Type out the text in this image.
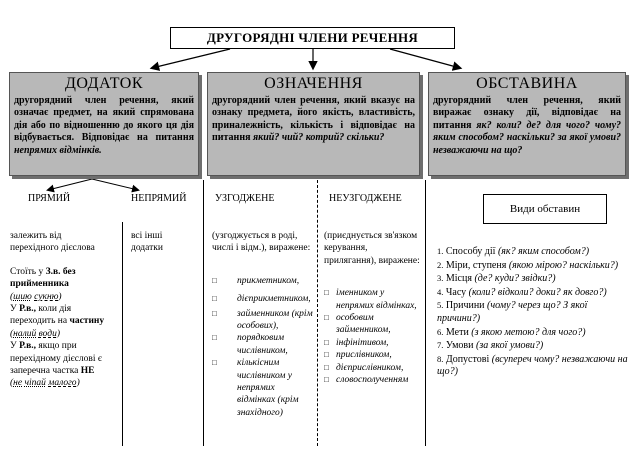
ДРУГОРЯДНІ ЧЛЕНИ РЕЧЕННЯ
ДОДАТОК
другорядний член речення, який означає предмет, на який спрямована дія або по відношенню до якого ця дія відбувається. Відповідає на питання непрямих відмінків.
ОЗНАЧЕННЯ
другорядний член речення, який вказує на ознаку предмета, його якість, властивість, приналежність, кількість і відповідає на питання який? чий? котрий? скільки?
ОБСТАВИНА
другорядний член речення, який виражає ознаку дії, відповідає на питання як? коли? де? для чого? чому? яким способом? наскільки? за якої умови? незважаючи на що?
ПРЯМИЙ	НЕПРЯМИЙ
залежить від
перехідного дієслова
Стоїть у З.в. без
прийменника
(шию сукню)
У Р.в., коли дія
переходить на частину
(налий води)
У Р.в., якщо при
перехідному дієслові є
заперечна частка НЕ
(не чіпай малого)
всі інші
додатки
УЗГОДЖЕНЕ	НЕУЗГОДЖЕНЕ
(узгоджується в роді, числі і відм.), виражене:
□ прикметником,
□ дієприкметником,
□ займенником (крім особових),
□ порядковим числівником,
□ кількісним числівником у непрямих відмінках (крім знахідного)
(приєднується зв'язком керування, прилягання), виражене:
□ іменником у непрямих відмінках,
□ особовим займенником,
□ інфінітивом,
□ прислівником,
□ дієприслівником,
□ словосполученням
Види обставин
1. Способу дії (як? яким способом?)
2. Міри, ступеня (якою мірою? наскільки?)
3. Місця (де? куди? звідки?)
4. Часу (коли? відколи? доки? як довго?)
5. Причини (чому? через що? З якої причини?)
6. Мети (з якою метою? для чого?)
7. Умови (за якої умови?)
8. Допустові (всупереч чому? незважаючи на що?)
